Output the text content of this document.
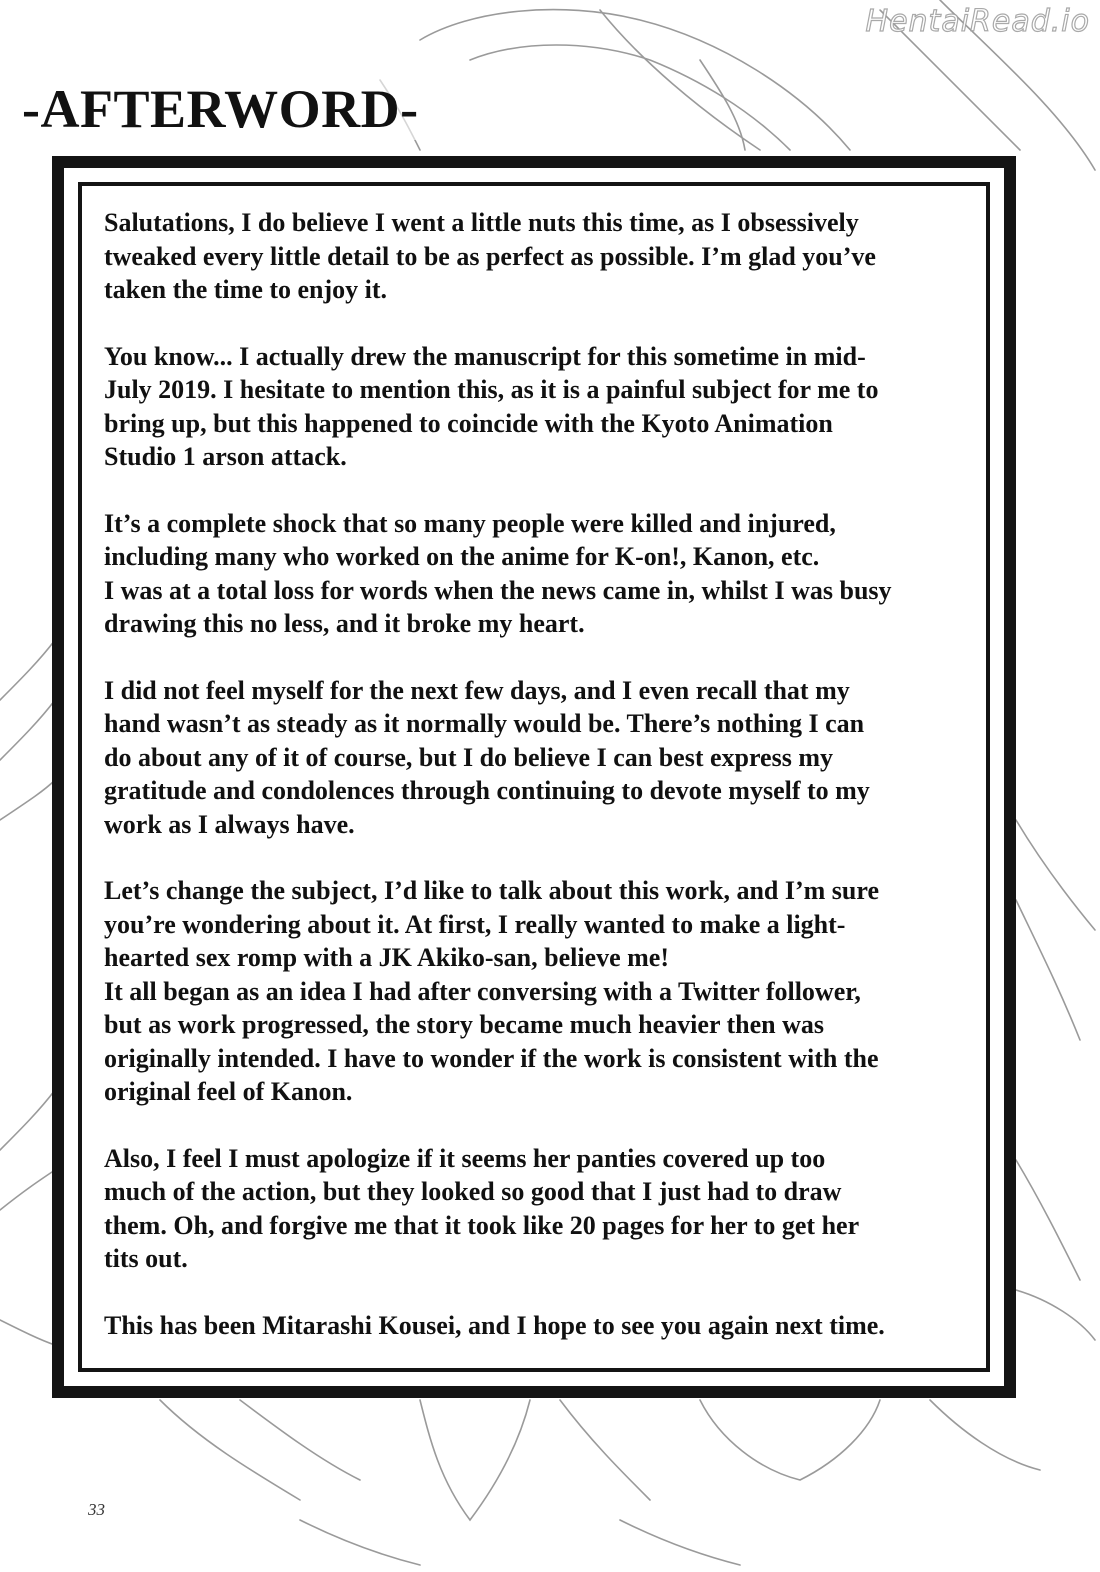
HentaiRead.io
-AFTERWORD-

Salutations, I do believe I went a little nuts this time, as I obsessively
tweaked every little detail to be as perfect as possible. I’m glad you’ve
taken the time to enjoy it.

You know... I actually drew the manuscript for this sometime in mid-
July 2019. I hesitate to mention this, as it is a painful subject for me to
bring up, but this happened to coincide with the Kyoto Animation
Studio 1 arson attack.

It’s a complete shock that so many people were killed and injured,
including many who worked on the anime for K-on!, Kanon, etc.
I was at a total loss for words when the news came in, whilst I was busy
drawing this no less, and it broke my heart.

I did not feel myself for the next few days, and I even recall that my
hand wasn’t as steady as it normally would be. There’s nothing I can
do about any of it of course, but I do believe I can best express my
gratitude and condolences through continuing to devote myself to my
work as I always have.

Let’s change the subject, I’d like to talk about this work, and I’m sure
you’re wondering about it. At first, I really wanted to make a light-
hearted sex romp with a JK Akiko-san, believe me!
It all began as an idea I had after conversing with a Twitter follower,
but as work progressed, the story became much heavier then was
originally intended. I have to wonder if the work is consistent with the
original feel of Kanon.

Also, I feel I must apologize if it seems her panties covered up too
much of the action, but they looked so good that I just had to draw
them. Oh, and forgive me that it took like 20 pages for her to get her
tits out.

This has been Mitarashi Kousei, and I hope to see you again next time.

33
